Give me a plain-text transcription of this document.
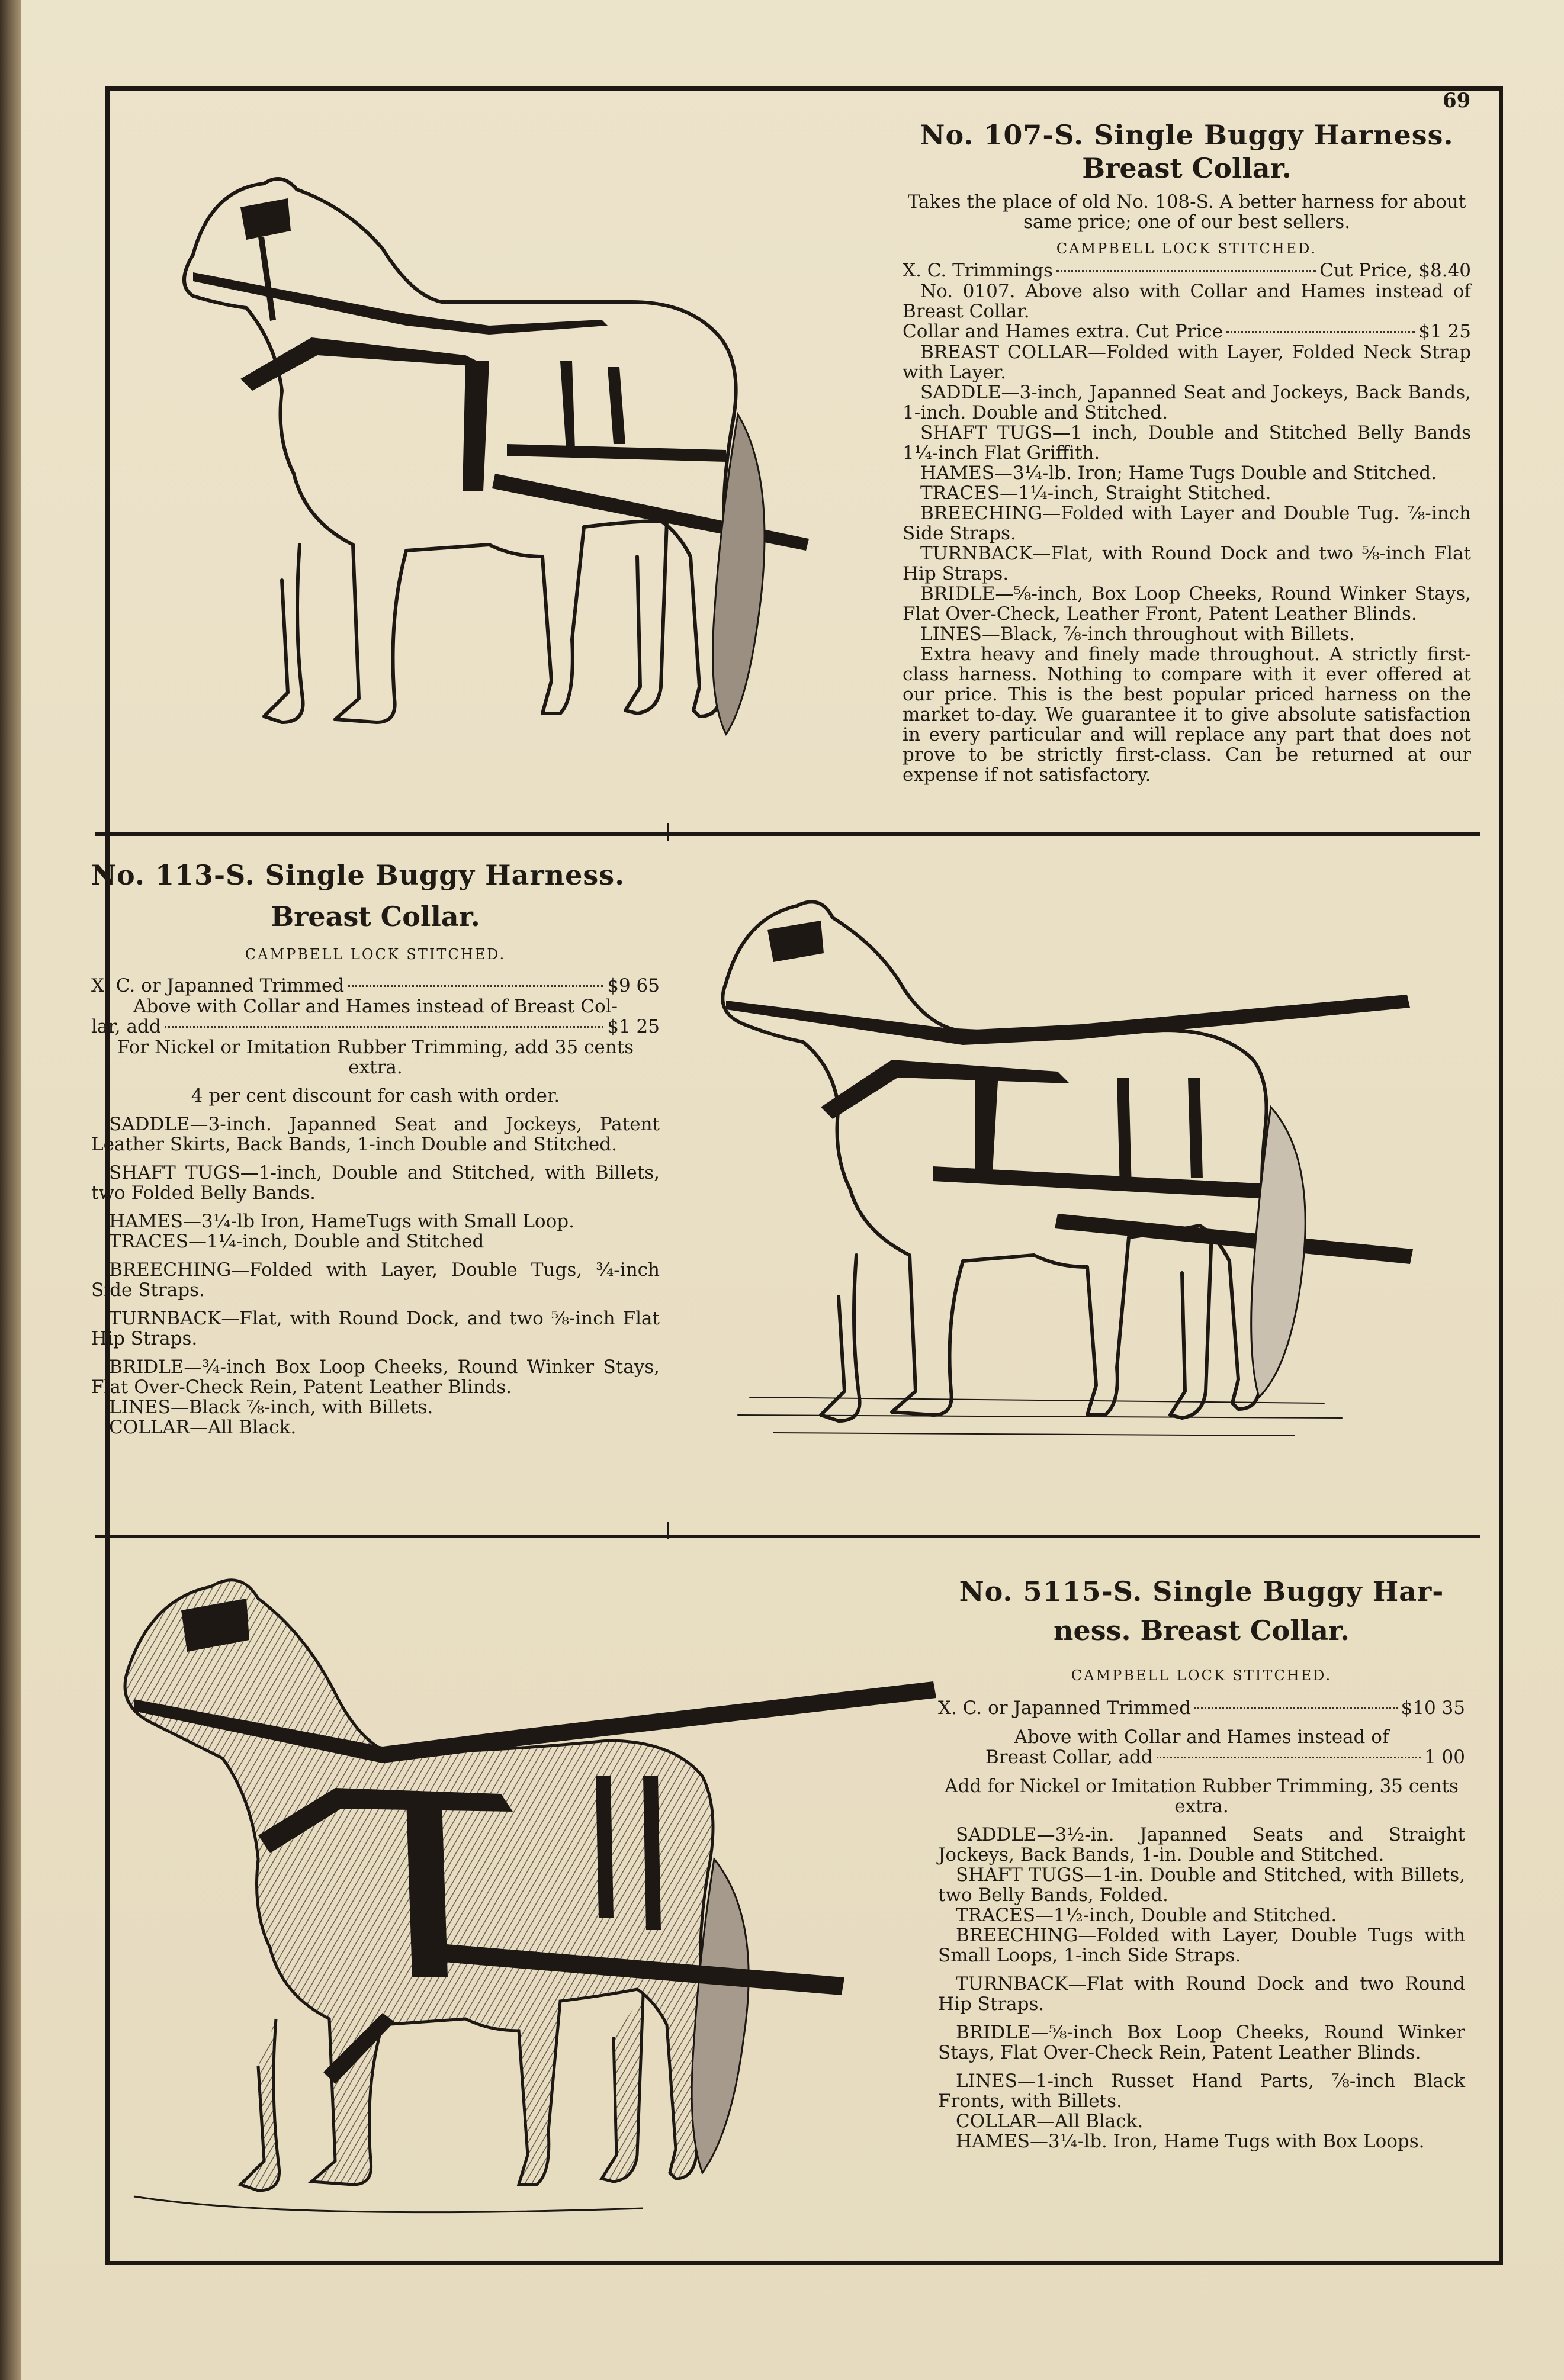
69
No. 107-S. Single Buggy Harness.
Breast Collar.

Takes the place of old No. 108-S. A better harness for about same price; one of our best sellers.

CAMPBELL LOCK STITCHED.
X. C. Trimmings	Cut Price, $8.40

No. 0107. Above also with Collar and Hames instead of Breast Collar.

Collar and Hames extra. Cut Price	$1 25

BREAST COLLAR—Folded with Layer, Folded Neck Strap with Layer.

SADDLE—3-inch, Japanned Seat and Jockeys, Back Bands, 1-inch. Double and Stitched.

SHAFT TUGS—1 inch, Double and Stitched Belly Bands 1¼-inch Flat Griffith.

HAMES—3¼-lb. Iron; Hame Tugs Double and Stitched.

TRACES—1¼-inch, Straight Stitched.

BREECHING—Folded with Layer and Double Tug. ⅞-inch Side Straps.

TURNBACK—Flat, with Round Dock and two ⅝-inch Flat Hip Straps.

BRIDLE—⅝-inch, Box Loop Cheeks, Round Winker Stays, Flat Over-Check, Leather Front, Patent Leather Blinds.

LINES—Black, ⅞-inch throughout with Billets.

Extra heavy and finely made throughout. A strictly first-class harness. Nothing to compare with it ever offered at our price. This is the best popular priced harness on the market to-day. We guarantee it to give absolute satisfaction in every particular and will replace any part that does not prove to be strictly first-class. Can be returned at our expense if not satisfactory.

No. 113-S. Single Buggy Harness.
Breast Collar.
CAMPBELL LOCK STITCHED.
X. C. or Japanned Trimmed	$9 65

Above with Collar and Hames instead of Breast Col-

lar, add	$1 25

For Nickel or Imitation Rubber Trimming, add 35 cents extra.

4 per cent discount for cash with order.

SADDLE—3-inch. Japanned Seat and Jockeys, Patent Leather Skirts, Back Bands, 1-inch Double and Stitched.

SHAFT TUGS—1-inch, Double and Stitched, with Billets, two Folded Belly Bands.

HAMES—3¼-lb Iron, HameTugs with Small Loop.

TRACES—1¼-inch, Double and Stitched

BREECHING—Folded with Layer, Double Tugs, ¾-inch Side Straps.

TURNBACK—Flat, with Round Dock, and two ⅝-inch Flat Hip Straps.

BRIDLE—¾-inch Box Loop Cheeks, Round Winker Stays, Flat Over-Check Rein, Patent Leather Blinds.

LINES—Black ⅞-inch, with Billets.

COLLAR—All Black.

No. 5115-S. Single Buggy Har-
ness. Breast Collar.
CAMPBELL LOCK STITCHED.
X. C. or Japanned Trimmed	$10 35

Above with Collar and Hames instead of

Breast Collar, add	1 00

Add for Nickel or Imitation Rubber Trimming, 35 cents extra.

SADDLE—3½-in. Japanned Seats and Straight Jockeys, Back Bands, 1-in. Double and Stitched.

SHAFT TUGS—1-in. Double and Stitched, with Billets, two Belly Bands, Folded.

TRACES—1½-inch, Double and Stitched.

BREECHING—Folded with Layer, Double Tugs with Small Loops, 1-inch Side Straps.

TURNBACK—Flat with Round Dock and two Round Hip Straps.

BRIDLE—⅝-inch Box Loop Cheeks, Round Winker Stays, Flat Over-Check Rein, Patent Leather Blinds.

LINES—1-inch Russet Hand Parts, ⅞-inch Black Fronts, with Billets.

COLLAR—All Black.

HAMES—3¼-lb. Iron, Hame Tugs with Box Loops.
